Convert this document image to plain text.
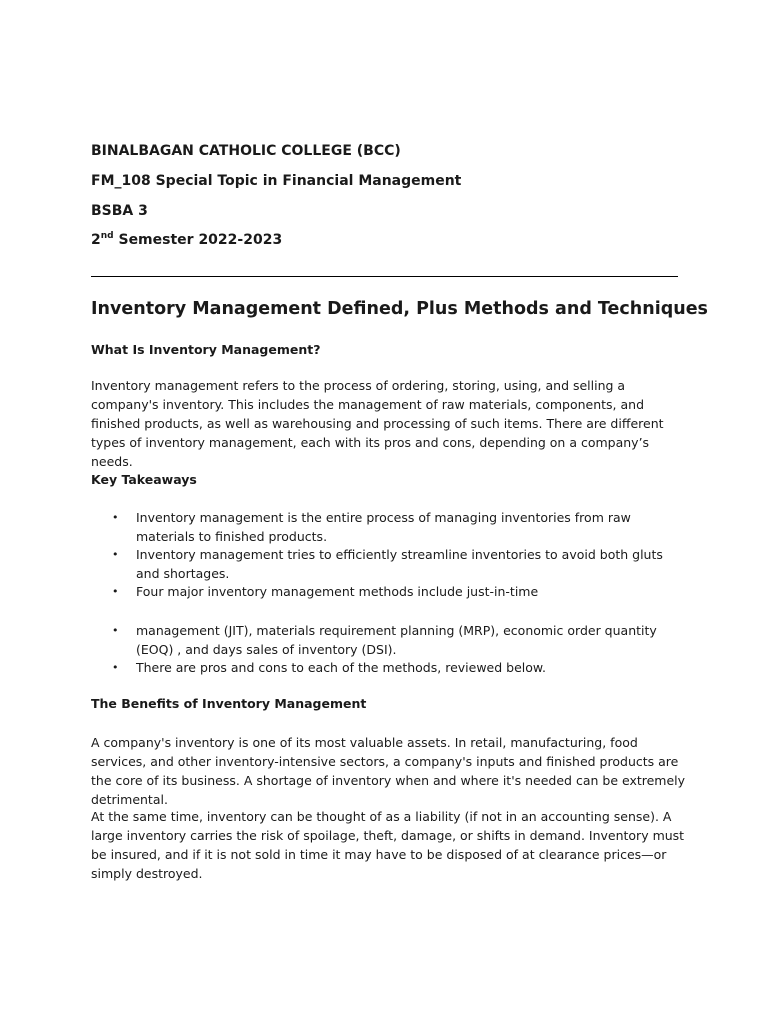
BINALBAGAN CATHOLIC COLLEGE (BCC)
FM_108 Special Topic in Financial Management
BSBA 3
2nd Semester 2022-2023
Inventory Management Defined, Plus Methods and Techniques
What Is Inventory Management?

Inventory management refers to the process of ordering, storing, using, and selling a company's inventory. This includes the management of raw materials, components, and finished products, as well as warehousing and processing of such items. There are different types of inventory management, each with its pros and cons, depending on a company’s needs.

Key Takeaways
• Inventory management is the entire process of managing inventories from raw materials to finished products.
• Inventory management tries to efficiently streamline inventories to avoid both gluts and shortages.
• Four major inventory management methods include just-in-time
• management (JIT), materials requirement planning (MRP), economic order quantity (EOQ) , and days sales of inventory (DSI).
• There are pros and cons to each of the methods, reviewed below.
The Benefits of Inventory Management

A company's inventory is one of its most valuable assets. In retail, manufacturing, food services, and other inventory-intensive sectors, a company's inputs and finished products are the core of its business. A shortage of inventory when and where it's needed can be extremely detrimental.

At the same time, inventory can be thought of as a liability (if not in an accounting sense). A large inventory carries the risk of spoilage, theft, damage, or shifts in demand. Inventory must be insured, and if it is not sold in time it may have to be disposed of at clearance prices—or simply destroyed.
